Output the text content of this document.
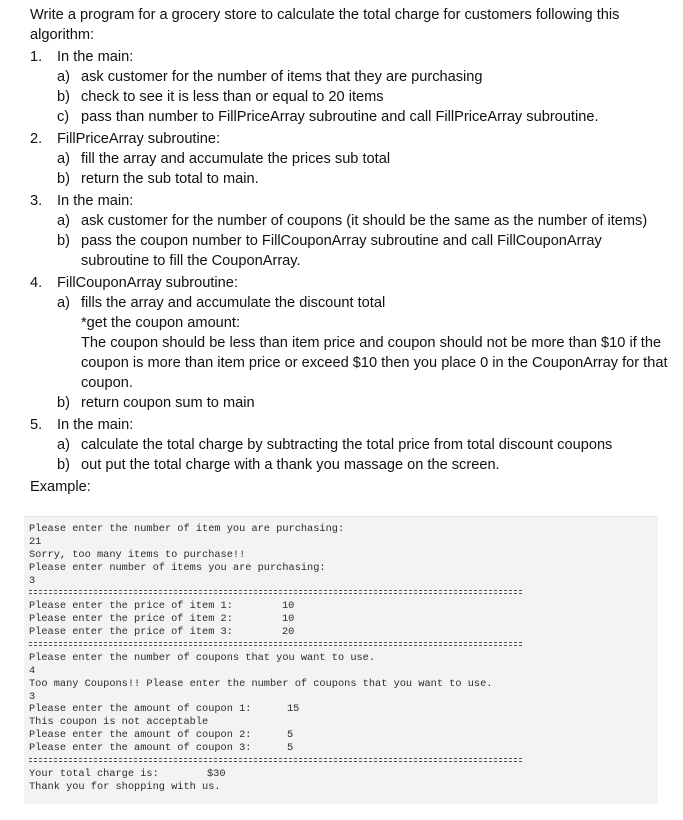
Write a program for a grocery store to calculate the total charge for customers following this algorithm:

1. In the main:
a) ask customer for the number of items that they are purchasing
b) check to see it is less than or equal to 20 items
c) pass than number to FillPriceArray subroutine and call FillPriceArray subroutine.
2. FillPriceArray subroutine:
a) fill the array and accumulate the prices sub total
b) return the sub total to main.
3. In the main:
a) ask customer for the number of coupons (it should be the same as the number of items)
b) pass the coupon number to FillCouponArray subroutine and call FillCouponArray subroutine to fill the CouponArray.
4. FillCouponArray subroutine:
a) fills the array and accumulate the discount total
*get the coupon amount:
The coupon should be less than item price and coupon should not be more than $10 if the coupon is more than item price or exceed $10 then you place 0 in the CouponArray for that coupon.
b) return coupon sum to main
5. In the main:
a) calculate the total charge by subtracting the total price from total discount coupons
b) out put the total charge with a thank you massage on the screen.
Example:
Please enter the number of item you are purchasing:
21
Sorry, too many items to purchase!!
Please enter number of items you are purchasing:
3
Please enter the price of item 1:	10
Please enter the price of item 2:	10
Please enter the price of item 3:	20
Please enter the number of coupons that you want to use.
4
Too many Coupons!! Please enter the number of coupons that you want to use.
3
Please enter the amount of coupon 1:	15
This coupon is not acceptable
Please enter the amount of coupon 2:	5
Please enter the amount of coupon 3:	5
Your total charge is:	$30
Thank you for shopping with us.
